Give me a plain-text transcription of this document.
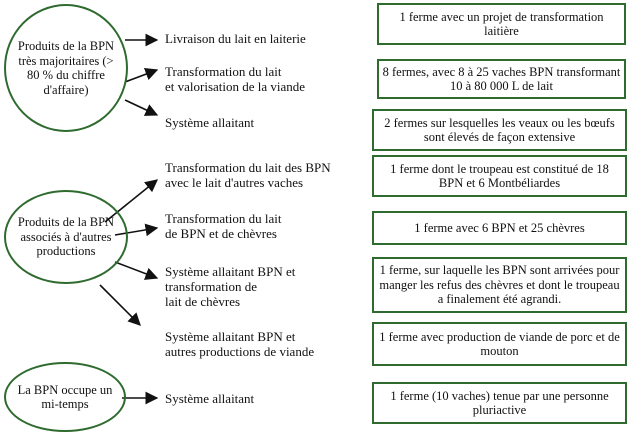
Produits de la BPN très majoritaires (> 80 % du chiffre d'affaire)
Produits de la BPN associés à d'autres productions
La BPN occupe un mi-temps
Livraison du lait en laiterie
Transformation du lait
et valorisation de la viande
Système allaitant
Transformation du lait des BPN
avec le lait d'autres vaches
Transformation du lait
de BPN et de chèvres
Système allaitant BPN et
transformation de
lait de chèvres
Système allaitant BPN et
autres productions de viande
Système allaitant
1 ferme avec un projet de transformation laitière
8 fermes, avec 8 à 25 vaches BPN transformant 10 à 80 000 L de lait
2 fermes sur lesquelles les veaux ou les bœufs sont élevés de façon extensive
1 ferme dont le troupeau est constitué de 18 BPN et 6 Montbéliardes
1 ferme avec 6 BPN et 25 chèvres
1 ferme, sur laquelle les BPN sont arrivées pour manger les refus des chèvres et dont le troupeau a finalement été agrandi.
1 ferme avec production de viande de porc et de mouton
1 ferme (10 vaches) tenue par une personne pluriactive
